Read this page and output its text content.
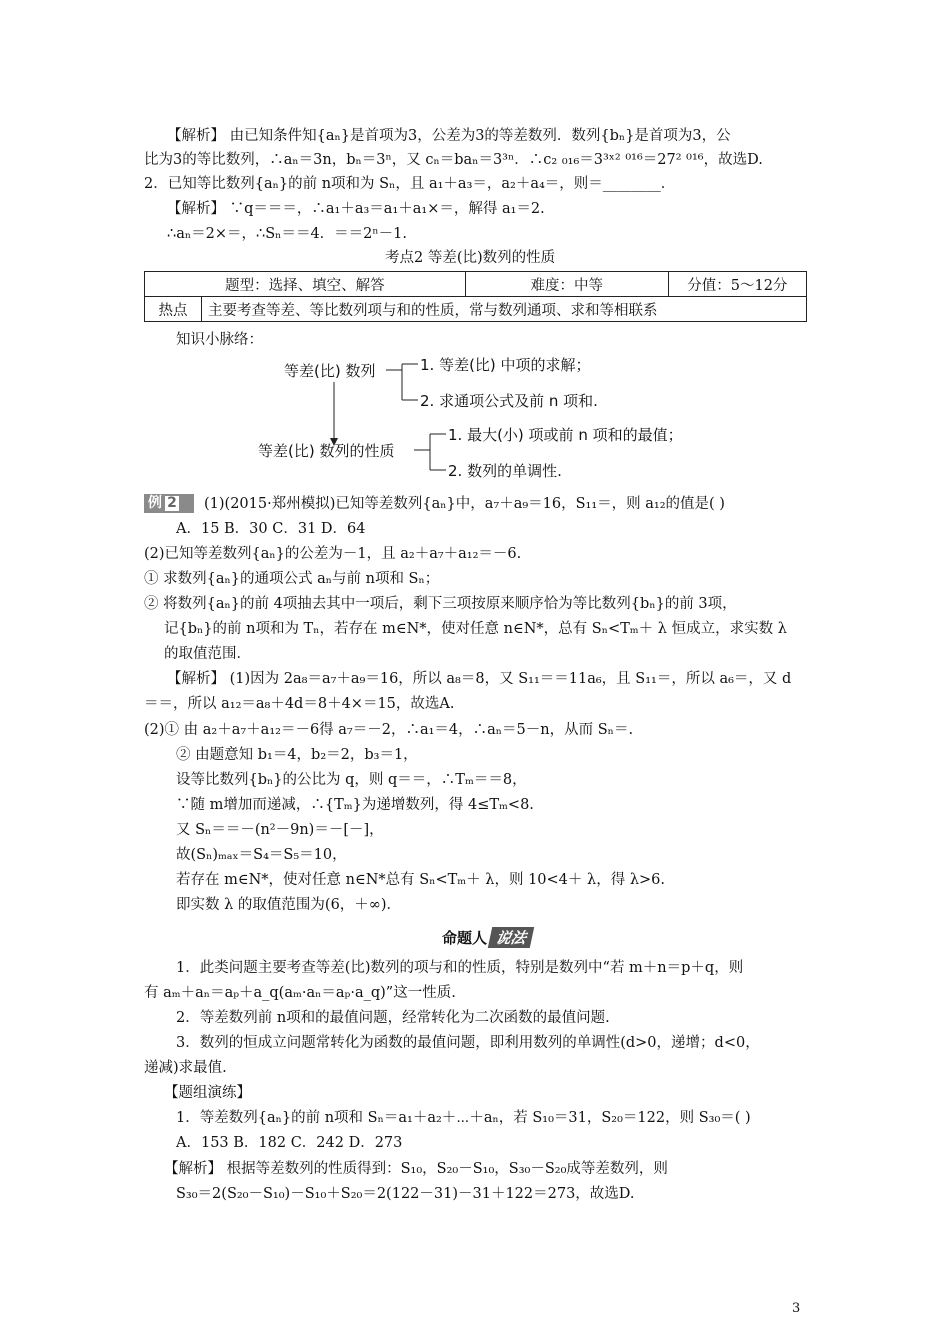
【解析】 由已知条件知{aₙ}是首项为3，公差为3的等差数列．数列{bₙ}是首项为3，公
比为3的等比数列，∴aₙ＝3n，bₙ＝3ⁿ，又 cₙ＝baₙ＝3³ⁿ．∴c₂ ₀₁₆＝3³ˣ² ⁰¹⁶＝27² ⁰¹⁶，故选D.
2．已知等比数列{aₙ}的前 n项和为 Sₙ，且 a₁＋a₃＝，a₂＋a₄＝，则＝________．
【解析】 ∵q＝＝＝，∴a₁＋a₃＝a₁＋a₁×＝，解得 a₁＝2.
∴aₙ＝2×＝，∴Sₙ＝＝4．＝＝2ⁿ－1.
考点2 等差(比)数列的性质
题型：选择、填空、解答		难度：中等	分值：5～12分
热点	主要考查等差、等比数列项与和的性质，常与数列通项、求和等相联系		
知识小脉络：
等差(比) 数列	1. 等差(比) 中项的求解；
2. 求通项公式及前 n 项和.
等差(比) 数列的性质
1. 最大(小) 项或前 n 项和的最值；
2. 数列的单调性.
例 2	(1)(2015·郑州模拟)已知等差数列{aₙ}中，a₇＋a₉＝16，S₁₁＝，则 a₁₂的值是( )
A．15 B．30 C．31 D．64
(2)已知等差数列{aₙ}的公差为－1，且 a₂＋a₇＋a₁₂＝－6.
① 求数列{aₙ}的通项公式 aₙ与前 n项和 Sₙ；
② 将数列{aₙ}的前 4项抽去其中一项后，剩下三项按原来顺序恰为等比数列{bₙ}的前 3项，
记{bₙ}的前 n项和为 Tₙ，若存在 m∈N*，使对任意 n∈N*，总有 Sₙ<Tₘ＋ λ 恒成立，求实数 λ
的取值范围．
【解析】 (1)因为 2a₈＝a₇＋a₉＝16，所以 a₈＝8，又 S₁₁＝＝11a₆，且 S₁₁＝，所以 a₆＝，又 d
＝＝，所以 a₁₂＝a₈＋4d＝8＋4×＝15，故选A.
(2)① 由 a₂＋a₇＋a₁₂＝－6得 a₇＝－2，∴a₁＝4，∴aₙ＝5－n，从而 Sₙ＝.
② 由题意知 b₁＝4，b₂＝2，b₃＝1，
设等比数列{bₙ}的公比为 q，则 q＝＝，∴Tₘ＝＝8，
∵随 m增加而递减，∴{Tₘ}为递增数列，得 4≤Tₘ<8.
又 Sₙ＝＝－(n²－9n)＝－[－]，
故(Sₙ)ₘₐₓ＝S₄＝S₅＝10，
若存在 m∈N*，使对任意 n∈N*总有 Sₙ<Tₘ＋ λ，则 10<4＋ λ，得 λ>6.
即实数 λ 的取值范围为(6，＋∞)．
命题人 说法
1．此类问题主要考查等差(比)数列的项与和的性质，特别是数列中“若 m＋n＝p＋q，则
有 aₘ＋aₙ＝aₚ＋a_q(aₘ·aₙ＝aₚ·a_q)”这一性质.
2．等差数列前 n项和的最值问题，经常转化为二次函数的最值问题.
3．数列的恒成立问题常转化为函数的最值问题，即利用数列的单调性(d>0，递增；d<0，
递减)求最值.
【题组演练】
1．等差数列{aₙ}的前 n项和 Sₙ＝a₁＋a₂＋⋯＋aₙ，若 S₁₀＝31，S₂₀＝122，则 S₃₀＝( )
A．153 B．182 C．242 D．273
【解析】 根据等差数列的性质得到：S₁₀，S₂₀－S₁₀，S₃₀－S₂₀成等差数列，则
S₃₀＝2(S₂₀－S₁₀)－S₁₀＋S₂₀＝2(122－31)－31＋122＝273，故选D.
3
